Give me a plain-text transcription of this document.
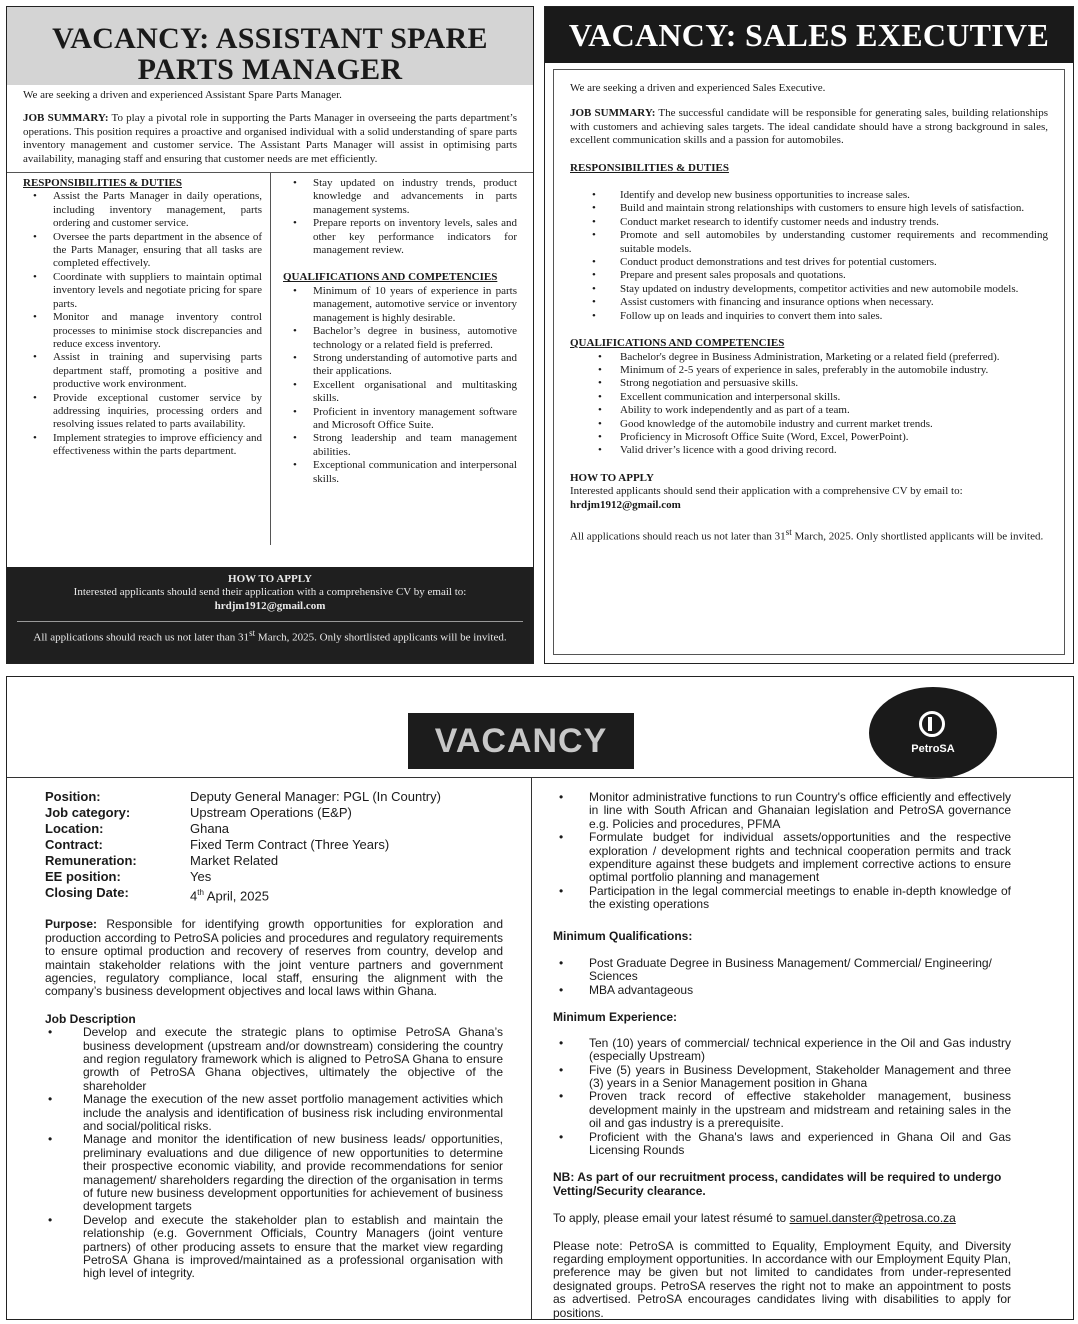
VACANCY: ASSISTANT SPARE PARTS MANAGER
We are seeking a driven and experienced Assistant Spare Parts Manager.
JOB SUMMARY: To play a pivotal role in supporting the Parts Manager in overseeing the parts department’s operations. This position requires a proactive and organised individual with a solid understanding of spare parts inventory management and customer service. The Assistant Parts Manager will assist in optimising parts availability, managing staff and ensuring that customer needs are met efficiently.
RESPONSIBILITIES & DUTIES
• Assist the Parts Manager in daily operations, including inventory management, parts ordering and customer service.
• Oversee the parts department in the absence of the Parts Manager, ensuring that all tasks are completed effectively.
• Coordinate with suppliers to maintain optimal inventory levels and negotiate pricing for spare parts.
• Monitor and manage inventory control processes to minimise stock discrepancies and reduce excess inventory.
• Assist in training and supervising parts department staff, promoting a positive and productive work environment.
• Provide exceptional customer service by addressing inquiries, processing orders and resolving issues related to parts availability.
• Implement strategies to improve efficiency and effectiveness within the parts department.
• Stay updated on industry trends, product knowledge and advancements in parts management systems.
• Prepare reports on inventory levels, sales and other key performance indicators for management review.
QUALIFICATIONS AND COMPETENCIES
• Minimum of 10 years of experience in parts management, automotive service or inventory management is highly desirable.
• Bachelor’s degree in business, automotive technology or a related field is preferred.
• Strong understanding of automotive parts and their applications.
• Excellent organisational and multitasking skills.
• Proficient in inventory management software and Microsoft Office Suite.
• Strong leadership and team management abilities.
• Exceptional communication and interpersonal skills.
HOW TO APPLY
Interested applicants should send their application with a comprehensive CV by email to:
hrdjm1912@gmail.com
All applications should reach us not later than 31st March, 2025. Only shortlisted applicants will be invited.
VACANCY: SALES EXECUTIVE

We are seeking a driven and experienced Sales Executive.

JOB SUMMARY: The successful candidate will be responsible for generating sales, building relationships with customers and achieving sales targets. The ideal candidate should have a strong background in sales, excellent communication skills and a passion for automobiles.

RESPONSIBILITIES & DUTIES
• Identify and develop new business opportunities to increase sales.
• Build and maintain strong relationships with customers to ensure high levels of satisfaction.
• Conduct market research to identify customer needs and industry trends.
• Promote and sell automobiles by understanding customer requirements and recommending suitable models.
• Conduct product demonstrations and test drives for potential customers.
• Prepare and present sales proposals and quotations.
• Stay updated on industry developments, competitor activities and new automobile models.
• Assist customers with financing and insurance options when necessary.
• Follow up on leads and inquiries to convert them into sales.
QUALIFICATIONS AND COMPETENCIES
• Bachelor's degree in Business Administration, Marketing or a related field (preferred).
• Minimum of 2-5 years of experience in sales, preferably in the automobile industry.
• Strong negotiation and persuasive skills.
• Excellent communication and interpersonal skills.
• Ability to work independently and as part of a team.
• Good knowledge of the automobile industry and current market trends.
• Proficiency in Microsoft Office Suite (Word, Excel, PowerPoint).
• Valid driver’s licence with a good driving record.
HOW TO APPLY
Interested applicants should send their application with a comprehensive CV by email to:
hrdjm1912@gmail.com
All applications should reach us not later than 31st March, 2025. Only shortlisted applicants will be invited.
VACANCY	PetroSA
Position:	Deputy General Manager: PGL (In Country)
Job category:	Upstream Operations (E&P)
Location:	Ghana
Contract:	Fixed Term Contract (Three Years)
Remuneration:	Market Related
EE position:	Yes
Closing Date:	4th April, 2025

Purpose: Responsible for identifying growth opportunities for exploration and production according to PetroSA policies and procedures and regulatory requirements to ensure optimal production and recovery of reserves from country, develop and maintain stakeholder relations with the joint venture partners and government agencies, regulatory compliance, local staff, ensuring the alignment with the company’s business development objectives and local laws within Ghana.

Job Description
• Develop and execute the strategic plans to optimise PetroSA Ghana’s business development (upstream and/or downstream) considering the country and region regulatory framework which is aligned to PetroSA Ghana to ensure growth of PetroSA Ghana objectives, ultimately the objective of the shareholder
• Manage the execution of the new asset portfolio management activities which include the analysis and identification of business risk including environmental and social/political risks.
• Manage and monitor the identification of new business leads/ opportunities, preliminary evaluations and due diligence of new opportunities to determine their prospective economic viability, and provide recommendations for senior management/ shareholders regarding the direction of the organisation in terms of future new business development opportunities for achievement of business development targets
• Develop and execute the stakeholder plan to establish and maintain the relationship (e.g. Government Officials, Country Managers (joint venture partners) of other producing assets to ensure that the market view regarding PetroSA Ghana is improved/maintained as a professional organisation with high level of integrity.
• Monitor administrative functions to run Country's office efficiently and effectively in line with South African and Ghanaian legislation and PetroSA governance e.g. Policies and procedures, PFMA
• Formulate budget for individual assets/opportunities and the respective exploration / development rights and technical cooperation permits and track expenditure against these budgets and implement corrective actions to ensure optimal portfolio planning and management
• Participation in the legal commercial meetings to enable in-depth knowledge of the existing operations
Minimum Qualifications:
• Post Graduate Degree in Business Management/ Commercial/ Engineering/ Sciences
• MBA advantageous
Minimum Experience:
• Ten (10) years of commercial/ technical experience in the Oil and Gas industry (especially Upstream)
• Five (5) years in Business Development, Stakeholder Management and three (3) years in a Senior Management position in Ghana
• Proven track record of effective stakeholder management, business development mainly in the upstream and midstream and retaining sales in the oil and gas industry is a prerequisite.
• Proficient with the Ghana's laws and experienced in Ghana Oil and Gas Licensing Rounds

NB: As part of our recruitment process, candidates will be required to undergo Vetting/Security clearance.

To apply, please email your latest résumé to samuel.danster@petrosa.co.za

Please note: PetroSA is committed to Equality, Employment Equity, and Diversity regarding employment opportunities. In accordance with our Employment Equity Plan, preference may be given but not limited to candidates from under-represented designated groups. PetroSA reserves the right not to make an appointment to posts as advertised. PetroSA encourages candidates living with disabilities to apply for positions.
